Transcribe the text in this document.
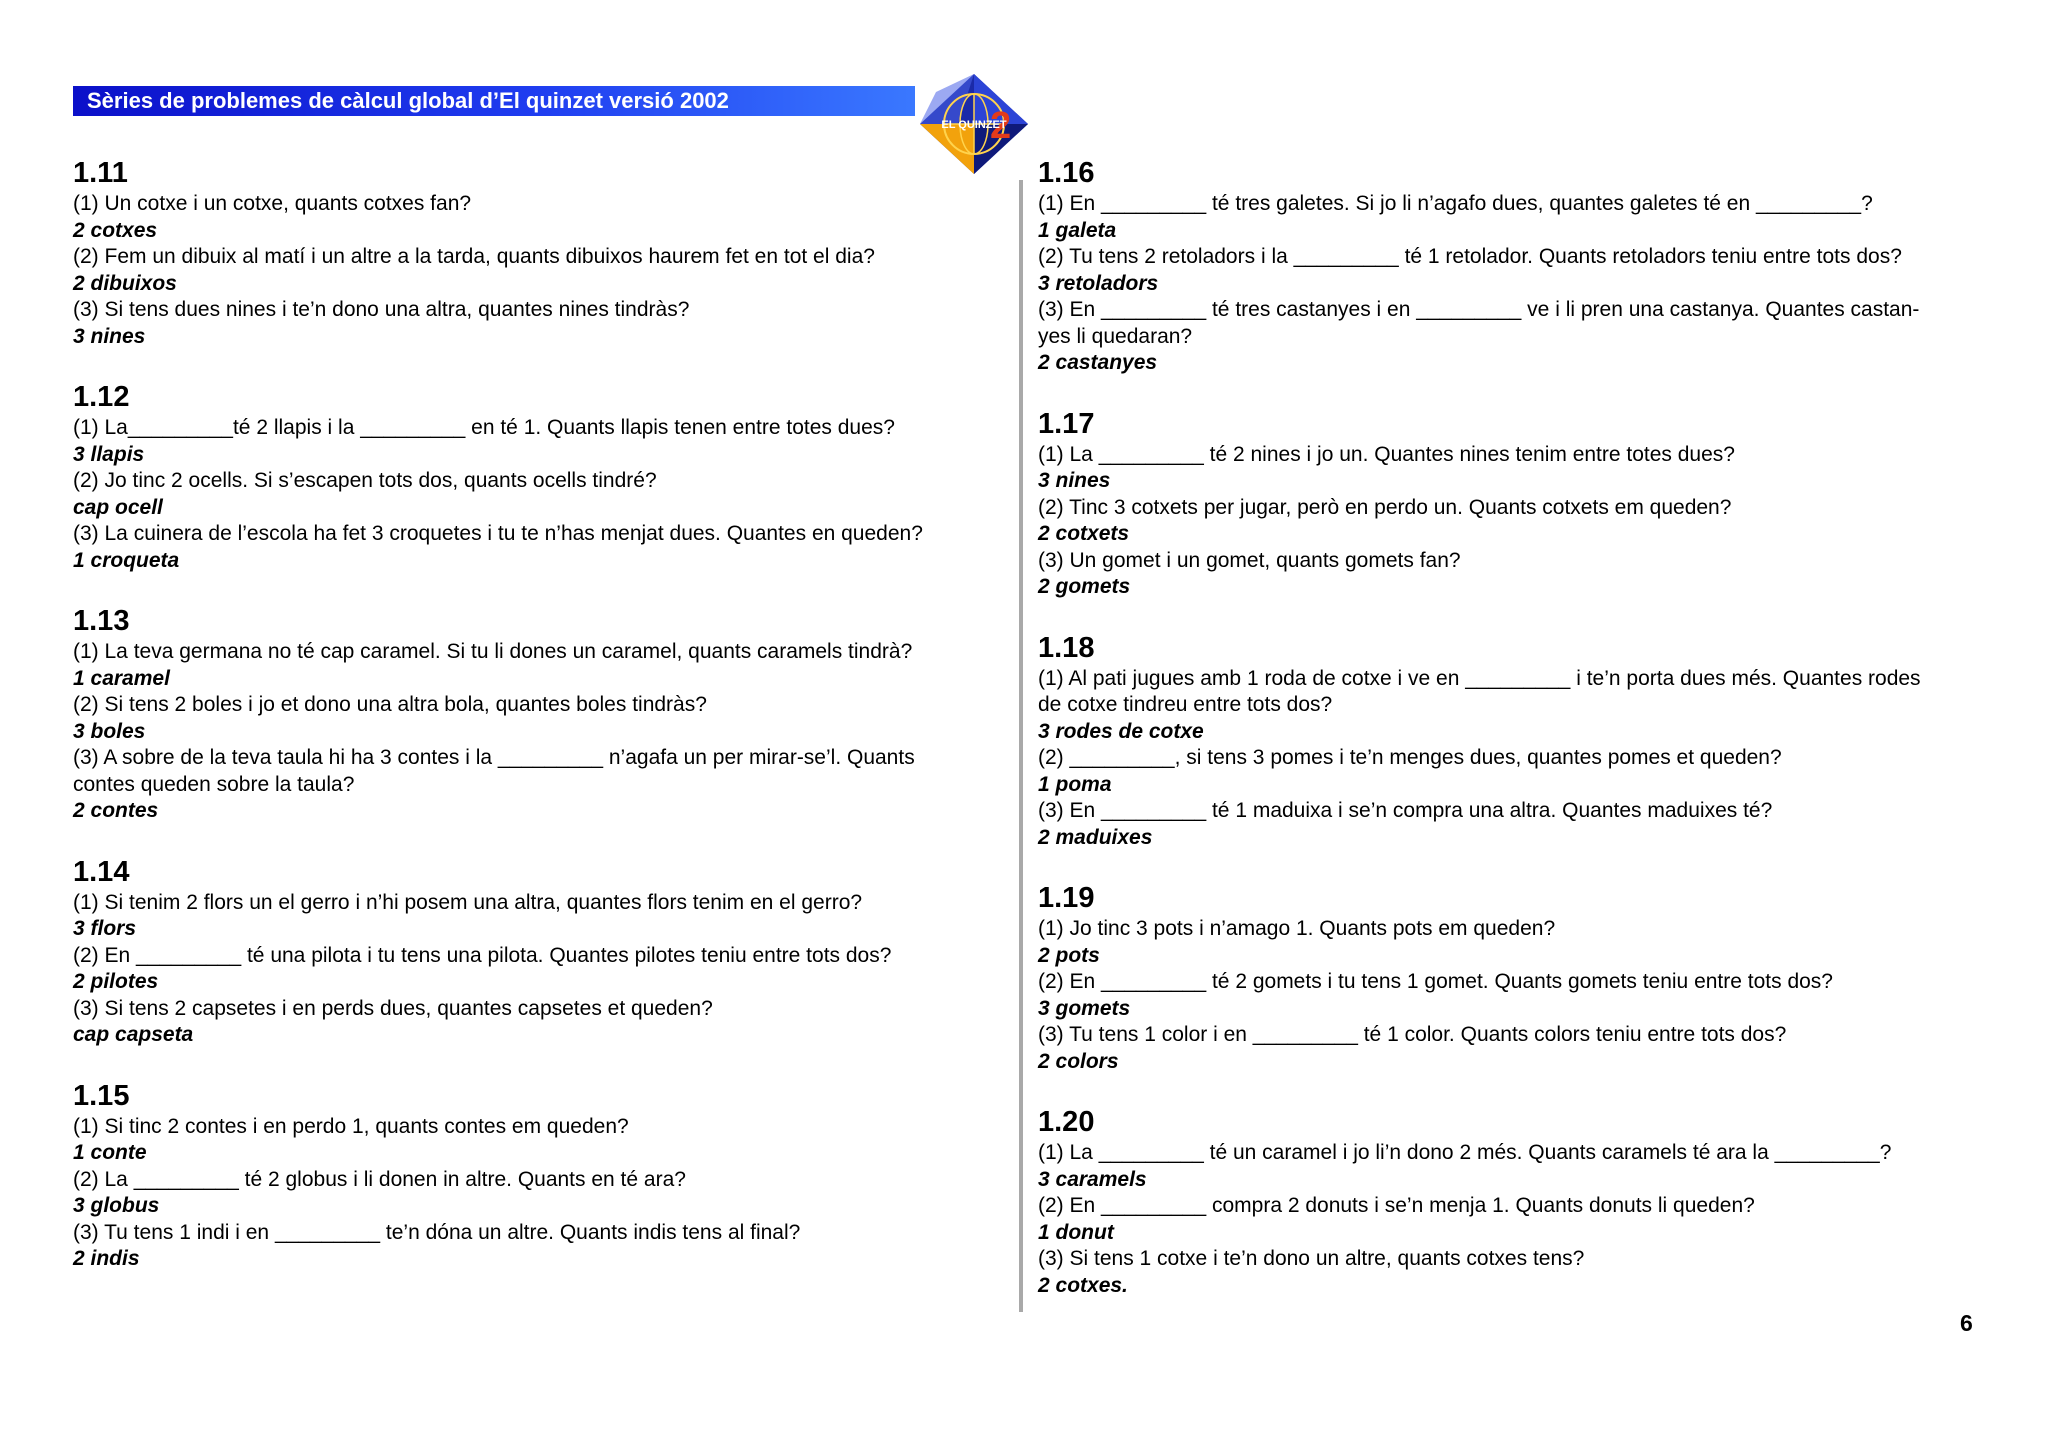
Sèries de problemes de càlcul global d’El quinzet versió 2002
2
EL QUINZET
1.11
(1) Un cotxe i un cotxe, quants cotxes fan?
2 cotxes
(2) Fem un dibuix al matí i un altre a la tarda, quants dibuixos haurem fet en tot el dia?
2 dibuixos
(3) Si tens dues nines i te’n dono una altra, quantes nines tindràs?
3 nines
1.12
(1) La_________té 2 llapis i la _________ en té 1. Quants llapis tenen entre totes dues?
3 llapis
(2) Jo tinc 2 ocells. Si s’escapen tots dos, quants ocells tindré?
cap ocell
(3) La cuinera de l’escola ha fet 3 croquetes i tu te n’has menjat dues. Quantes en queden?
1 croqueta
1.13
(1) La teva germana no té cap caramel. Si tu li dones un caramel, quants caramels tindrà?
1 caramel
(2) Si tens 2 boles i jo et dono una altra bola, quantes boles tindràs?
3 boles
(3) A sobre de la teva taula hi ha 3 contes i la _________ n’agafa un per mirar-se’l. Quants
contes queden sobre la taula?
2 contes
1.14
(1) Si tenim 2 flors un el gerro i n’hi posem una altra, quantes flors tenim en el gerro?
3 flors
(2) En _________ té una pilota i tu tens una pilota. Quantes pilotes teniu entre tots dos?
2 pilotes
(3) Si tens 2 capsetes i en perds dues, quantes capsetes et queden?
cap capseta
1.15
(1) Si tinc 2 contes i en perdo 1, quants contes em queden?
1 conte
(2) La _________ té 2 globus i li donen in altre. Quants en té ara?
3 globus
(3) Tu tens 1 indi i en _________ te’n dóna un altre. Quants indis tens al final?
2 indis
1.16
(1) En _________ té tres galetes. Si jo li n’agafo dues, quantes galetes té en _________?
1 galeta
(2) Tu tens 2 retoladors i la _________ té 1 retolador. Quants retoladors teniu entre tots dos?
3 retoladors
(3) En _________ té tres castanyes i en _________ ve i li pren una castanya. Quantes castan-
yes li quedaran?
2 castanyes
1.17
(1) La _________ té 2 nines i jo un. Quantes nines tenim entre totes dues?
3 nines
(2) Tinc 3 cotxets per jugar, però en perdo un. Quants cotxets em queden?
2 cotxets
(3) Un gomet i un gomet, quants gomets fan?
2 gomets
1.18
(1) Al pati jugues amb 1 roda de cotxe i ve en _________ i te’n porta dues més. Quantes rodes
de cotxe tindreu entre tots dos?
3 rodes de cotxe
(2) _________, si tens 3 pomes i te’n menges dues, quantes pomes et queden?
1 poma
(3) En _________ té 1 maduixa i se’n compra una altra. Quantes maduixes té?
2 maduixes
1.19
(1) Jo tinc 3 pots i n’amago 1. Quants pots em queden?
2 pots
(2) En _________ té 2 gomets i tu tens 1 gomet. Quants gomets teniu entre tots dos?
3 gomets
(3) Tu tens 1 color i en _________ té 1 color. Quants colors teniu entre tots dos?
2 colors
1.20
(1) La _________ té un caramel i jo li’n dono 2 més. Quants caramels té ara la _________?
3 caramels
(2) En _________ compra 2 donuts i se’n menja 1. Quants donuts li queden?
1 donut
(3) Si tens 1 cotxe i te’n dono un altre, quants cotxes tens?
2 cotxes.
6
